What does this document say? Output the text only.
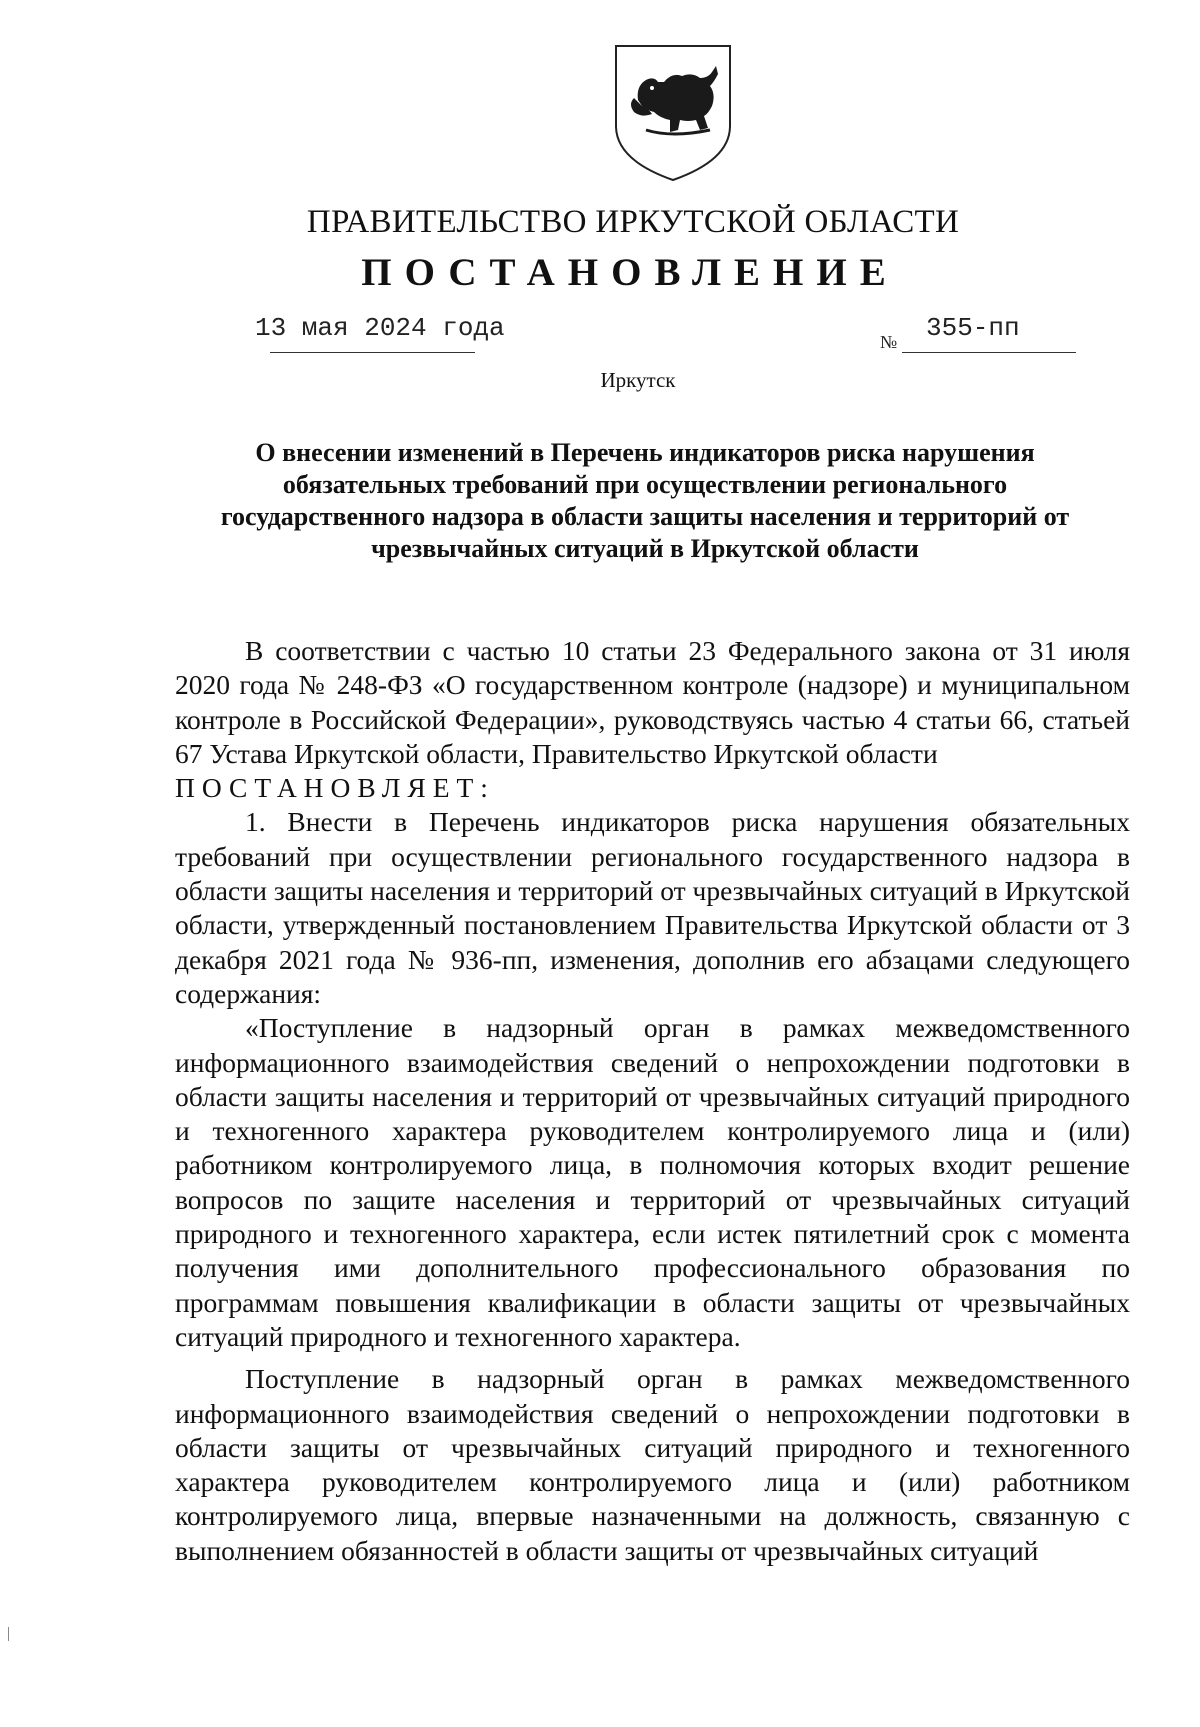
ПРАВИТЕЛЬСТВО ИРКУТСКОЙ ОБЛАСТИ
ПОСТАНОВЛЕНИЕ
13 мая 2024 года	№ 355-пп
Иркутск
О внесении изменений в Перечень индикаторов риска нарушения
обязательных требований при осуществлении регионального
государственного надзора в области защиты населения и территорий от
чрезвычайных ситуаций в Иркутской области

В соответствии с частью 10 статьи 23 Федерального закона от 31 июля 2020 года № 248-ФЗ «О государственном контроле (надзоре) и муниципальном контроле в Российской Федерации», руководствуясь частью 4 статьи 66, статьей 67 Устава Иркутской области, Правительство Иркутской области

ПОСТАНОВЛЯЕТ:

1. Внести в Перечень индикаторов риска нарушения обязательных требований при осуществлении регионального государственного надзора в области защиты населения и территорий от чрезвычайных ситуаций в Иркутской области, утвержденный постановлением Правительства Иркутской области от 3 декабря 2021 года № 936-пп, изменения, дополнив его абзацами следующего содержания:

«Поступление в надзорный орган в рамках межведомственного информационного взаимодействия сведений о непрохождении подготовки в области защиты населения и территорий от чрезвычайных ситуаций природного и техногенного характера руководителем контролируемого лица и (или) работником контролируемого лица, в полномочия которых входит решение вопросов по защите населения и территорий от чрезвычайных ситуаций природного и техногенного характера, если истек пятилетний срок с момента получения ими дополнительного профессионального образования по программам повышения квалификации в области защиты от чрезвычайных ситуаций природного и техногенного характера.

Поступление в надзорный орган в рамках межведомственного информационного взаимодействия сведений о непрохождении подготовки в области защиты от чрезвычайных ситуаций природного и техногенного характера руководителем контролируемого лица и (или) работником контролируемого лица, впервые назначенными на должность, связанную с выполнением обязанностей в области защиты от чрезвычайных ситуаций
